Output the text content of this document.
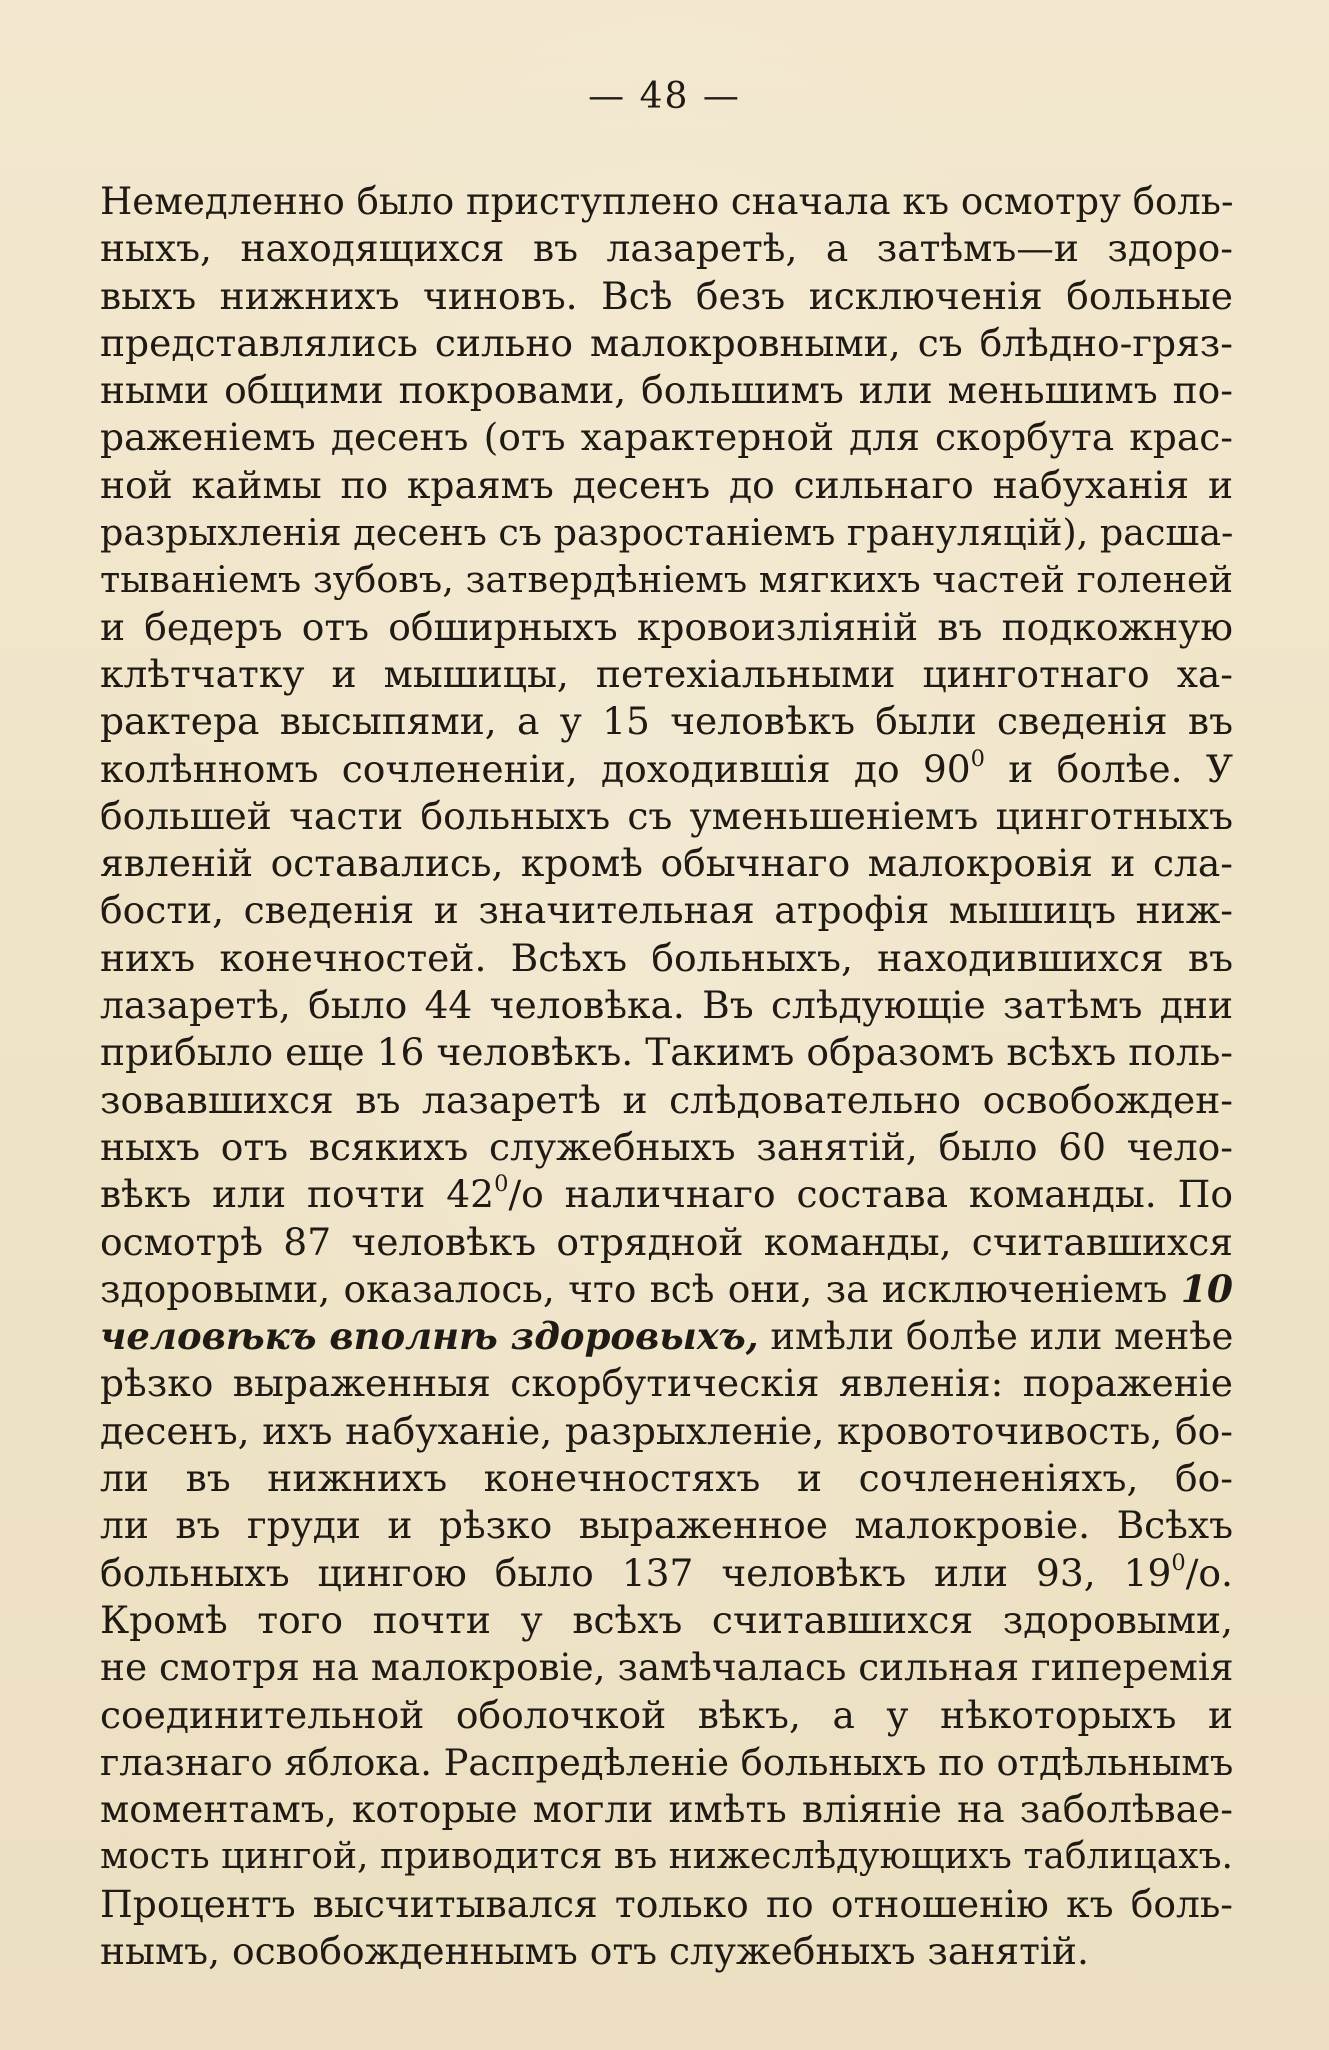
— 48 —

Немедленно было приступлено сначала къ осмотру боль-
ныхъ, находящихся въ лазаретѣ, а затѣмъ—и здоро-
выхъ нижнихъ чиновъ. Всѣ безъ исключенія больные
представлялись сильно малокровными, съ блѣдно-гряз-
ными общими покровами, большимъ или меньшимъ по-
раженіемъ десенъ (отъ характерной для скорбута крас-
ной каймы по краямъ десенъ до сильнаго набуханія и
разрыхленія десенъ съ разростаніемъ грануляцій), расша-
тываніемъ зубовъ, затвердѣніемъ мягкихъ частей голеней
и бедеръ отъ обширныхъ кровоизліяній въ подкожную
клѣтчатку и мышицы, петехіальными цинготнаго ха-
рактера высыпями, а у 15 человѣкъ были сведенія въ
колѣнномъ сочлененіи, доходившія до $90^0$ и болѣе. У
большей части больныхъ съ уменьшеніемъ цинготныхъ
явленій оставались, кромѣ обычнаго малокровія и сла-
бости, сведенія и значительная атрофія мышицъ ниж-
нихъ конечностей. Всѣхъ больныхъ, находившихся въ
лазаретѣ, было 44 человѣка. Въ слѣдующіе затѣмъ дни
прибыло еще 16 человѣкъ. Такимъ образомъ всѣхъ поль-
зовавшихся въ лазаретѣ и слѣдовательно освобожден-
ныхъ отъ всякихъ служебныхъ занятій, было 60 чело-
вѣкъ или почти $42^0/о$ наличнаго состава команды. По
осмотрѣ 87 человѣкъ отрядной команды, считавшихся
здоровыми, оказалось, что всѣ они, за исключеніемъ 10
человѣкъ вполнѣ здоровыхъ, имѣли болѣе или менѣе
рѣзко выраженныя скорбутическія явленія: пораженіе
десенъ, ихъ набуханіе, разрыхленіе, кровоточивость, бо-
ли въ нижнихъ конечностяхъ и сочлененіяхъ, бо-
ли въ груди и рѣзко выраженное малокровіе. Всѣхъ
больныхъ цингою было 137 человѣкъ или 93, $19^0/о$.
Кромѣ того почти у всѣхъ считавшихся здоровыми,
не смотря на малокровіе, замѣчалась сильная гиперемія
соединительной оболочкой вѣкъ, а у нѣкоторыхъ и
глазнаго яблока. Распредѣленіе больныхъ по отдѣльнымъ
моментамъ, которые могли имѣть вліяніе на заболѣвае-
мость цингой, приводится въ нижеслѣдующихъ таблицахъ.
Процентъ высчитывался только по отношенію къ боль-
нымъ, освобожденнымъ отъ служебныхъ занятій.
